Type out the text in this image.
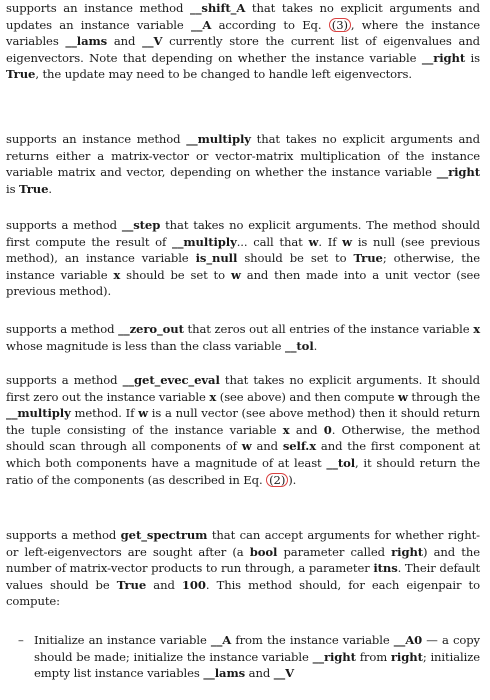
supports an instance method __shift_A that takes no explicit arguments and updates an instance variable __A according to Eq. (3) , where the instance variables __lams and __V currently store the current list of eigenvalues and eigenvectors. Note that depending on whether the instance variable __right is True, the update may need to be changed to handle left eigenvectors.

supports an instance method __multiply that takes no explicit arguments and returns either a matrix-vector or vector-matrix multiplication of the instance variable matrix and vector, depending on whether the instance variable __right is True.

supports a method __step that takes no explicit arguments. The method should first compute the result of __multiply... call that w. If w is null (see previous method), an instance variable is_null should be set to True; otherwise, the instance variable x should be set to w and then made into a unit vector (see previous method).

supports a method __zero_out that zeros out all entries of the instance variable x whose magnitude is less than the class variable __tol.

supports a method __get_evec_eval that takes no explicit arguments. It should first zero out the instance variable x (see above) and then compute w through the __multiply method. If w is a null vector (see above method) then it should return the tuple consisting of the instance variable x and 0. Otherwise, the method should scan through all components of w and self.x and the first component at which both components have a magnitude of at least __tol, it should return the ratio of the components (as described in Eq. (2) ).

supports a method get_spectrum that can accept arguments for whether right- or left-eigenvectors are sought after (a bool parameter called right) and the number of matrix-vector products to run through, a parameter itns. Their default values should be True and 100. This method should, for each eigenpair to compute:

– Initialize an instance variable __A from the instance variable __A0 — a copy should be made; initialize the instance variable __right from right; initialize empty list instance variables __lams and __V
